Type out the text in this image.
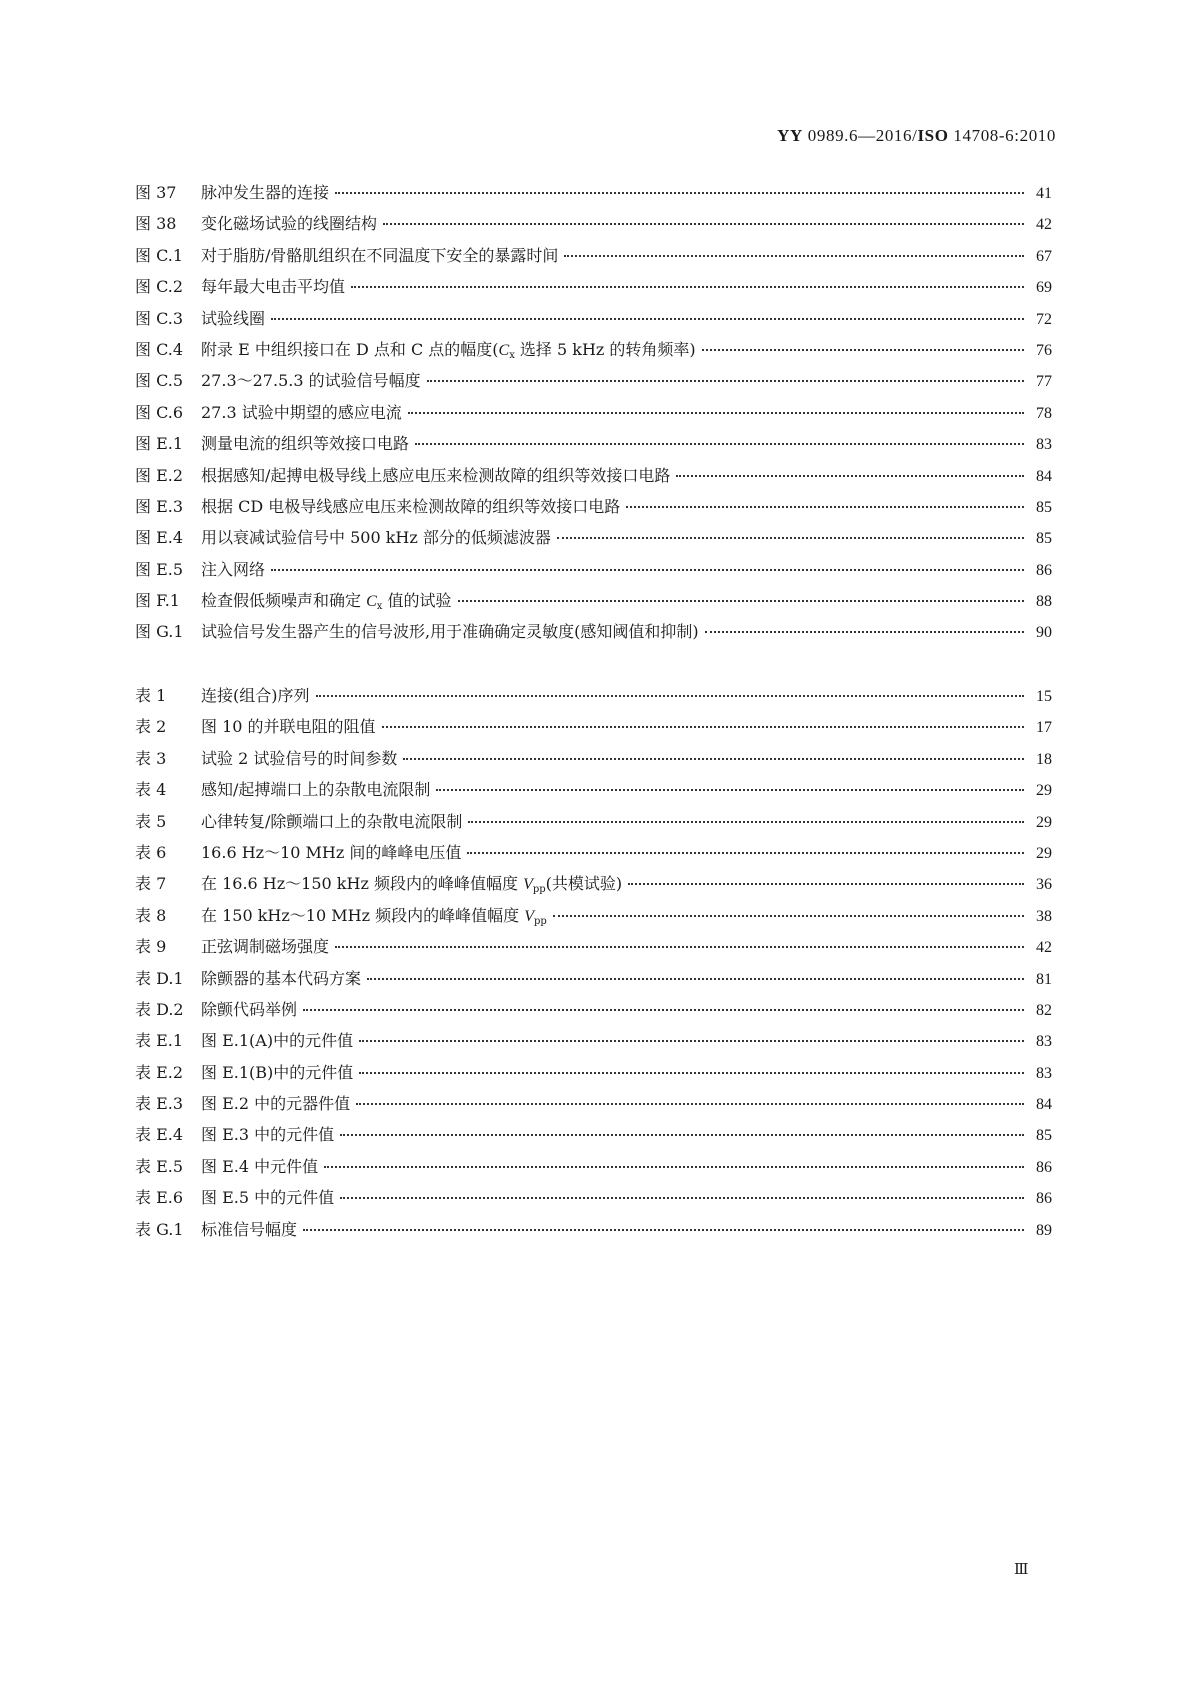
YY 0989.6—2016/ISO 14708-6:2010
图 37	脉冲发生器的连接	41
图 38	变化磁场试验的线圈结构	42
图 C.1	对于脂肪/骨骼肌组织在不同温度下安全的暴露时间	67
图 C.2	每年最大电击平均值	69
图 C.3	试验线圈	72
图 C.4	附录 E 中组织接口在 D 点和 C 点的幅度($C_x$ 选择 5 kHz 的转角频率)	76
图 C.5	27.3～27.5.3 的试验信号幅度	77
图 C.6	27.3 试验中期望的感应电流	78
图 E.1	测量电流的组织等效接口电路	83
图 E.2	根据感知/起搏电极导线上感应电压来检测故障的组织等效接口电路	84
图 E.3	根据 CD 电极导线感应电压来检测故障的组织等效接口电路	85
图 E.4	用以衰减试验信号中 500 kHz 部分的低频滤波器	85
图 E.5	注入网络	86
图 F.1	检查假低频噪声和确定 $C_x$ 值的试验	88
图 G.1	试验信号发生器产生的信号波形,用于准确确定灵敏度(感知阈值和抑制)	90
表 1	连接(组合)序列	15
表 2	图 10 的并联电阻的阻值	17
表 3	试验 2 试验信号的时间参数	18
表 4	感知/起搏端口上的杂散电流限制	29
表 5	心律转复/除颤端口上的杂散电流限制	29
表 6	16.6 Hz～10 MHz 间的峰峰电压值	29
表 7	在 16.6 Hz～150 kHz 频段内的峰峰值幅度 $V_{pp}$(共模试验)	36
表 8	在 150 kHz～10 MHz 频段内的峰峰值幅度 $V_{pp}$	38
表 9	正弦调制磁场强度	42
表 D.1	除颤器的基本代码方案	81
表 D.2	除颤代码举例	82
表 E.1	图 E.1(A)中的元件值	83
表 E.2	图 E.1(B)中的元件值	83
表 E.3	图 E.2 中的元器件值	84
表 E.4	图 E.3 中的元件值	85
表 E.5	图 E.4 中元件值	86
表 E.6	图 E.5 中的元件值	86
表 G.1	标准信号幅度	89
Ⅲ
